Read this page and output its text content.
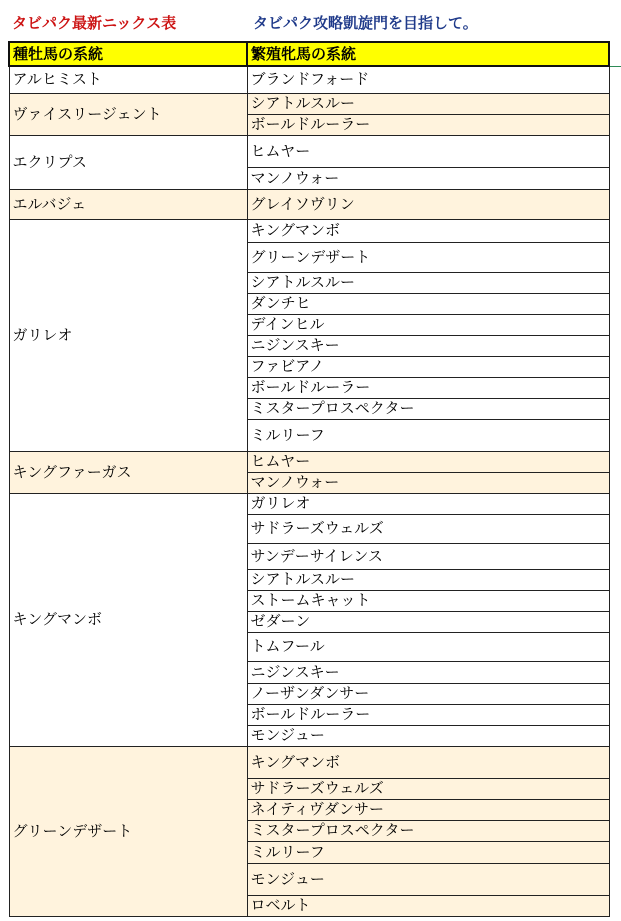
タビパク最新ニックス表	タビパク攻略凱旋門を目指して。
種牡馬の系統	繁殖牝馬の系統
アルヒミスト	ブランドフォード
ヴァイスリージェント	シアトルスルー
	ボールドルーラー
エクリプス	ヒムヤー
	マンノウォー
エルバジェ	グレイソヴリン
ガリレオ	キングマンボ
	グリーンデザート
	シアトルスルー
	ダンチヒ
	デインヒル
	ニジンスキー
	ファビアノ
	ボールドルーラー
	ミスタープロスペクター
	ミルリーフ
キングファーガス	ヒムヤー
	マンノウォー
キングマンボ	ガリレオ
	サドラーズウェルズ
	サンデーサイレンス
	シアトルスルー
	ストームキャット
	ゼダーン
	トムフール
	ニジンスキー
	ノーザンダンサー
	ボールドルーラー
	モンジュー
グリーンデザート	キングマンボ
	サドラーズウェルズ
	ネイティヴダンサー
	ミスタープロスペクター
	ミルリーフ
	モンジュー
	ロベルト
